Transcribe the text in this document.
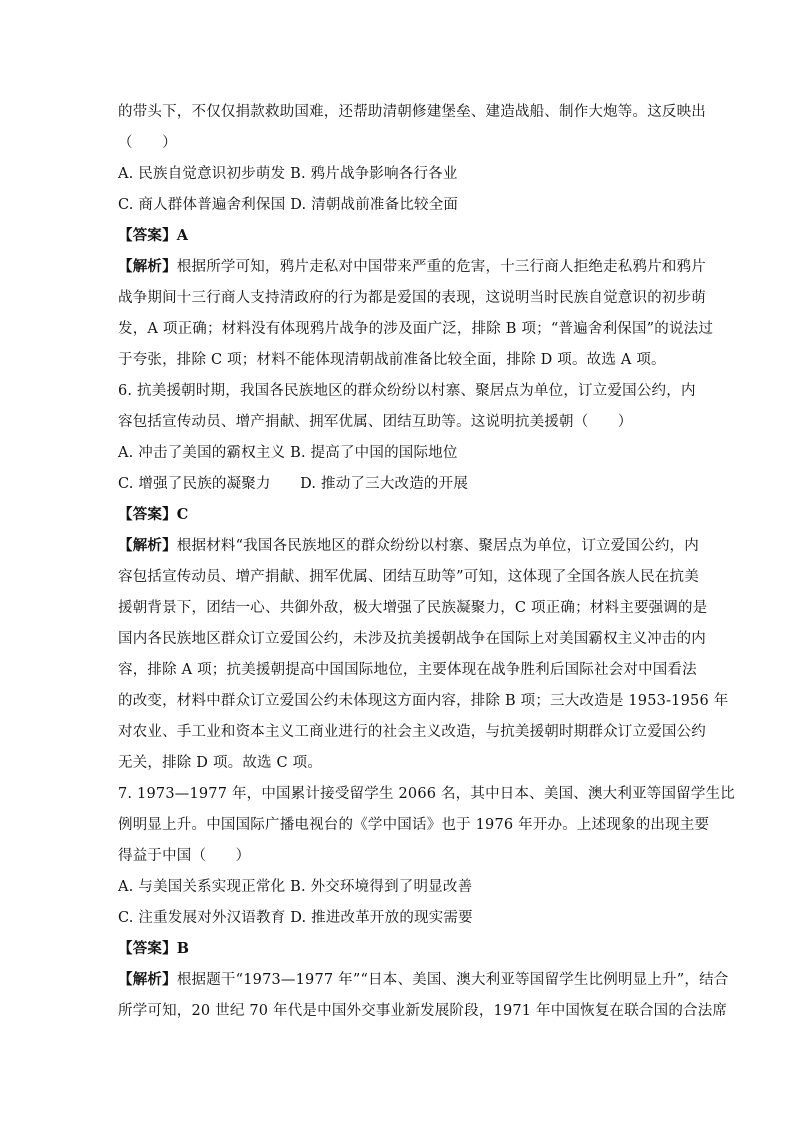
的带头下，不仅仅捐款救助国难，还帮助清朝修建堡垒、建造战船、制作大炮等。这反映出
（　　）
A. 民族自觉意识初步萌发 B. 鸦片战争影响各行各业
C. 商人群体普遍舍利保国 D. 清朝战前准备比较全面
【答案】A
【解析】根据所学可知，鸦片走私对中国带来严重的危害，十三行商人拒绝走私鸦片和鸦片
战争期间十三行商人支持清政府的行为都是爱国的表现，这说明当时民族自觉意识的初步萌
发，A 项正确；材料没有体现鸦片战争的涉及面广泛，排除 B 项；“普遍舍利保国”的说法过
于夸张，排除 C 项；材料不能体现清朝战前准备比较全面，排除 D 项。故选 A 项。
6. 抗美援朝时期，我国各民族地区的群众纷纷以村寨、聚居点为单位，订立爱国公约，内
容包括宣传动员、增产捐献、拥军优属、团结互助等。这说明抗美援朝（　　）
A. 冲击了美国的霸权主义 B. 提高了中国的国际地位
C. 增强了民族的凝聚力　　D. 推动了三大改造的开展
【答案】C
【解析】根据材料“我国各民族地区的群众纷纷以村寨、聚居点为单位，订立爱国公约，内
容包括宣传动员、增产捐献、拥军优属、团结互助等”可知，这体现了全国各族人民在抗美
援朝背景下，团结一心、共御外敌，极大增强了民族凝聚力，C 项正确；材料主要强调的是
国内各民族地区群众订立爱国公约，未涉及抗美援朝战争在国际上对美国霸权主义冲击的内
容，排除 A 项；抗美援朝提高中国国际地位，主要体现在战争胜利后国际社会对中国看法
的改变，材料中群众订立爱国公约未体现这方面内容，排除 B 项；三大改造是 1953-1956 年
对农业、手工业和资本主义工商业进行的社会主义改造，与抗美援朝时期群众订立爱国公约
无关，排除 D 项。故选 C 项。
7. 1973—1977 年，中国累计接受留学生 2066 名，其中日本、美国、澳大利亚等国留学生比
例明显上升。中国国际广播电视台的《学中国话》也于 1976 年开办。上述现象的出现主要
得益于中国（　　）
A. 与美国关系实现正常化 B. 外交环境得到了明显改善
C. 注重发展对外汉语教育 D. 推进改革开放的现实需要
【答案】B
【解析】根据题干“1973—1977 年”“日本、美国、澳大利亚等国留学生比例明显上升”，结合
所学可知，20 世纪 70 年代是中国外交事业新发展阶段，1971 年中国恢复在联合国的合法席
